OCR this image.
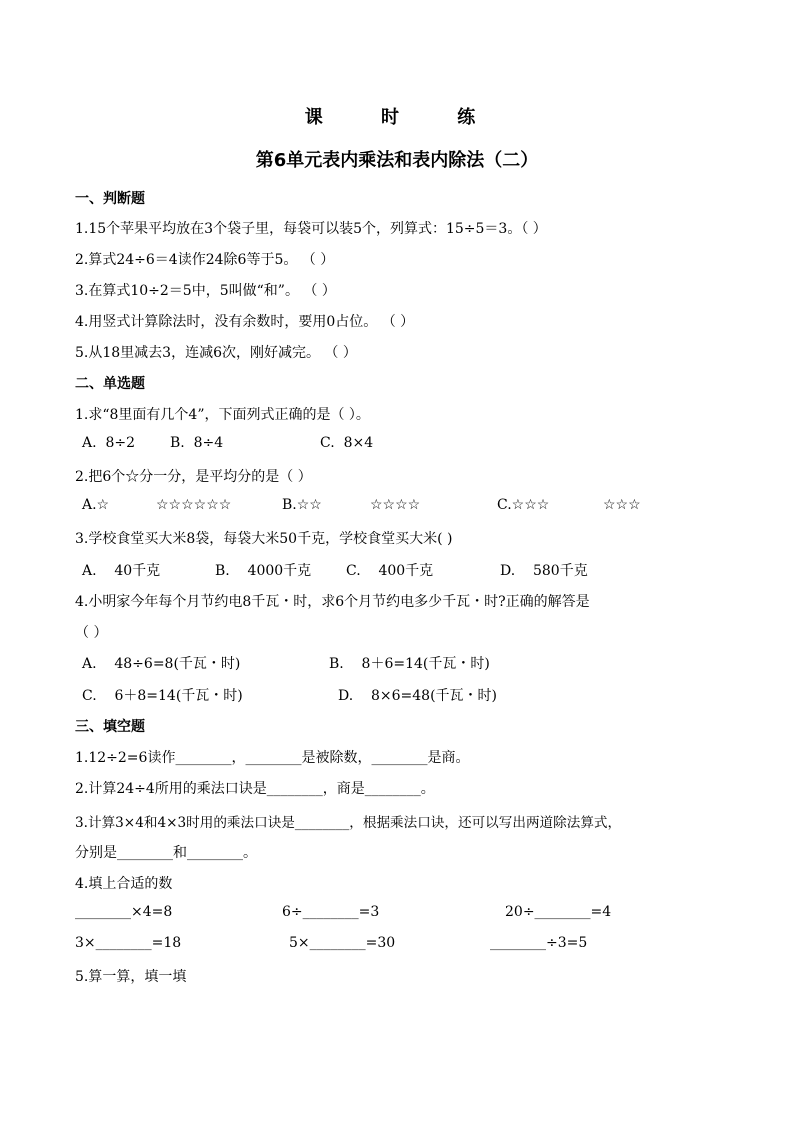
课 时 练
第6单元表内乘法和表内除法（二）
一、判断题
1.15个苹果平均放在3个袋子里，每袋可以装5个，列算式：15÷5＝3。（ ）
2.算式24÷6＝4读作24除6等于5。 （ ）
3.在算式10÷2＝5中，5叫做“和”。 （ ）
4.用竖式计算除法时，没有余数时，要用0占位。 （ ）
5.从18里减去3，连减6次，刚好减完。 （ ）
二、单选题
1.求“8里面有几个4”，下面列式正确的是（ ）。
A.  8÷2 B.  8÷4	C.  8×4
2.把6个☆分一分，是平均分的是（ ）
A.☆	☆☆☆☆☆☆	B.☆☆	☆☆☆☆	C.☆☆☆	☆☆☆
3.学校食堂买大米8袋，每袋大米50千克，学校食堂买大米( )
A.    40千克	B.    4000千克 C.    400千克	D.    580千克
4.小明家今年每个月节约电8千瓦・时，求6个月节约电多少千瓦・时?正确的解答是
（ ）
A.    48÷6=8(千瓦・时)	B.    8＋6=14(千瓦・时)
C.    6＋8=14(千瓦・时)	D.    8×6=48(千瓦・时)
三、填空题
1.12÷2=6读作________，________是被除数，________是商。
2.计算24÷4所用的乘法口诀是________，商是________。
3.计算3×4和4×3时用的乘法口诀是________，根据乘法口诀，还可以写出两道除法算式，
分别是________和________。
4.填上合适的数
________×4=8	6÷________=3	20÷________=4
3×________=18	5×________=30	________÷3=5
5.算一算，填一填
